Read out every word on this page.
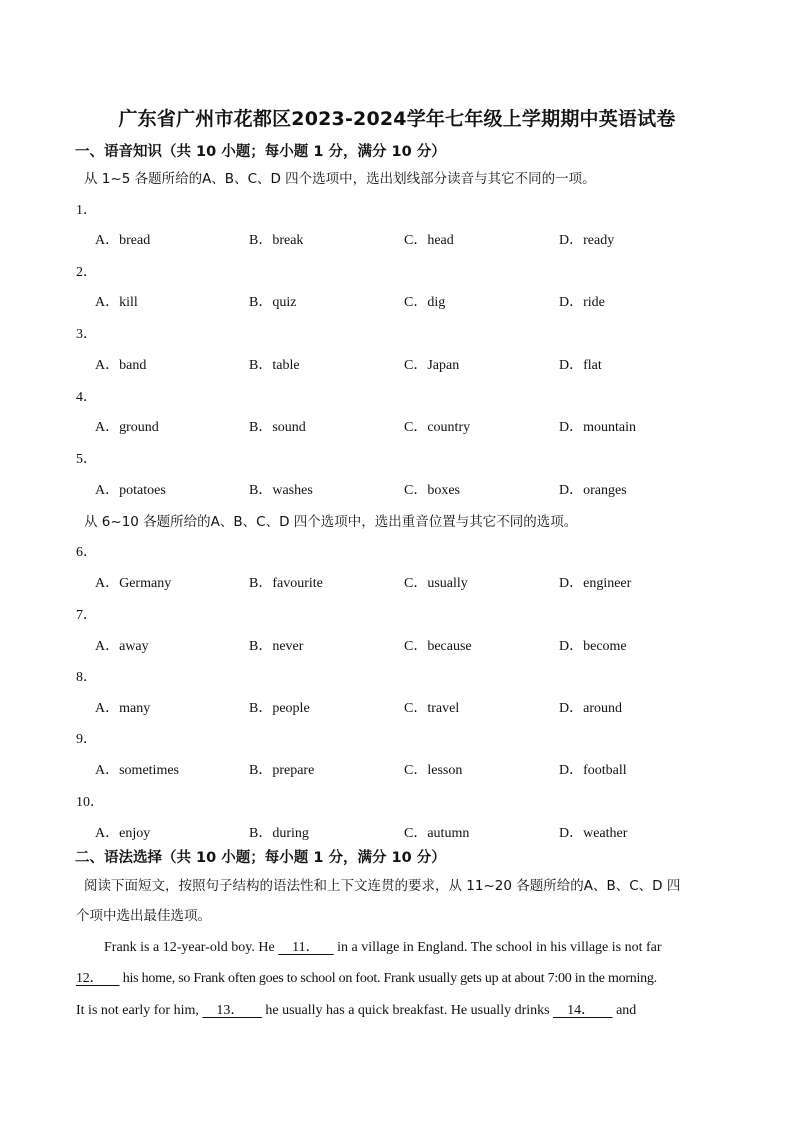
广东省广州市花都区2023-2024学年七年级上学期期中英语试卷
一、语音知识（共 10 小题；每小题 1 分，满分 10 分）
从 1~5 各题所给的A、B、C、D 四个选项中，选出划线部分读音与其它不同的一项。
1．
A．bread	B．break	C．head	D．ready
2．
A．kill	B．quiz	C．dig	D．ride
3．
A．band	B．table	C．Japan	D．flat
4．
A．ground	B．sound	C．country	D．mountain
5．
A．potatoes	B．washes	C．boxes	D．oranges
从 6~10 各题所给的A、B、C、D 四个选项中，选出重音位置与其它不同的选项。
6．
A．Germany	B．favourite	C．usually	D．engineer
7．
A．away	B．never	C．because	D．become
8．
A．many	B．people	C．travel	D．around
9．
A．sometimes	B．prepare	C．lesson	D．football
10．
A．enjoy	B．during	C．autumn	D．weather
二、语法选择（共 10 小题；每小题 1 分，满分 10 分）
阅读下面短文，按照句子结构的语法性和上下文连贯的要求，从 11~20 各题所给的A、B、C、D 四
个项中选出最佳选项。
Frank is a 12-year-old boy. He     11．     in a village in England. The school in his village is not far
12．      his home, so Frank often goes to school on foot. Frank usually gets up at about 7:00 in the morning.
It is not early for him,     13．      he usually has a quick breakfast. He usually drinks     14．      and
